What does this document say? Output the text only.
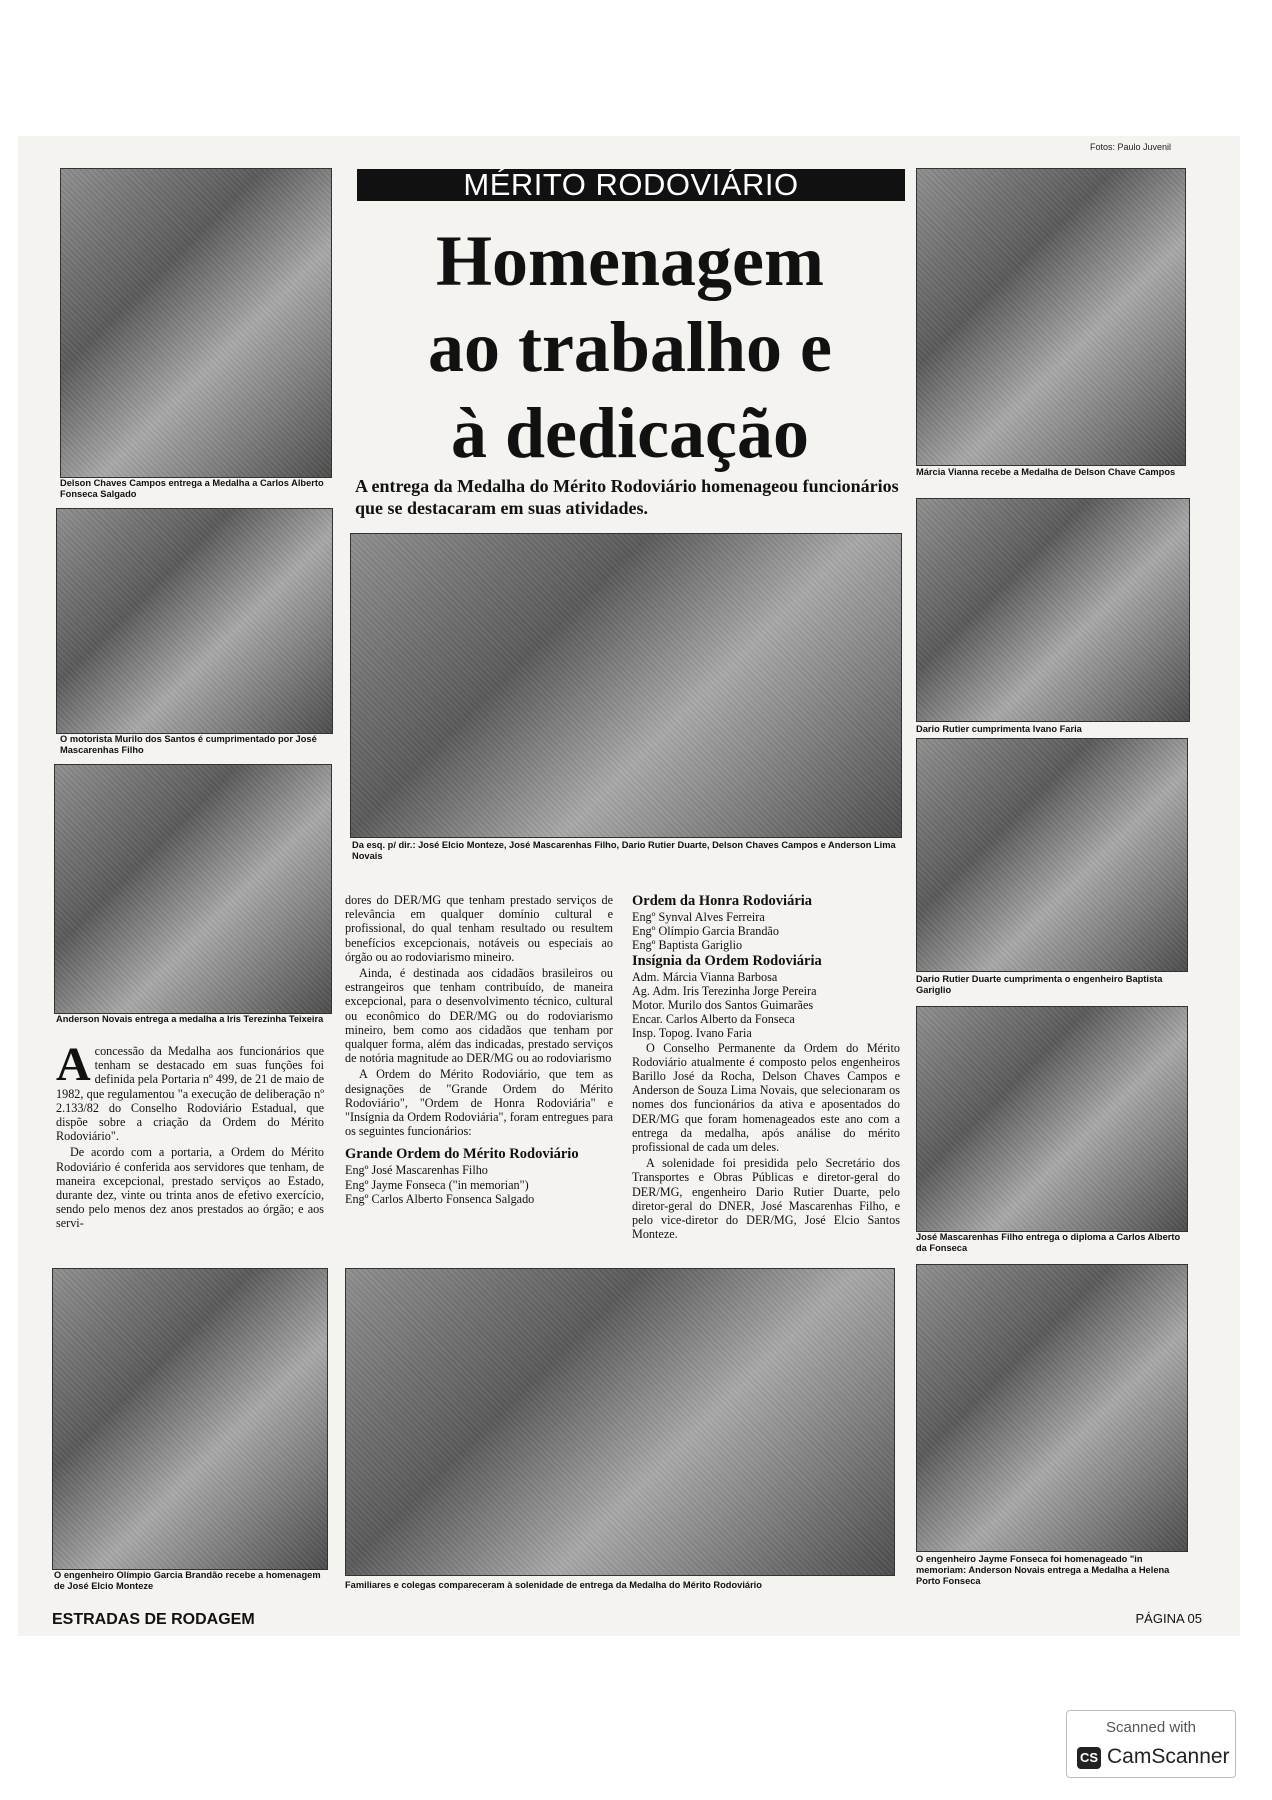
Fotos: Paulo Juvenil
Delson Chaves Campos entrega a Medalha a Carlos Alberto Fonseca Salgado
O motorista Murilo dos Santos é cumprimentado por José Mascarenhas Filho
Anderson Novais entrega a medalha a Iris Terezinha Teixeira
O engenheiro Olímpio Garcia Brandão recebe a homenagem de José Elcio Monteze
MÉRITO RODOVIÁRIO
Homenagem
ao trabalho e
à dedicação
A entrega da Medalha do Mérito Rodoviário homenageou funcionários que se destacaram em suas atividades.
Da esq. p/ dir.: José Elcio Monteze, José Mascarenhas Filho, Dario Rutier Duarte, Delson Chaves Campos e Anderson Lima Novais

Aconcessão da Medalha aos funcionários que tenham se destacado em suas funções foi definida pela Portaria nº 499, de 21 de maio de 1982, que regulamentou "a execução de deliberação nº 2.133/82 do Conselho Rodoviário Estadual, que dispõe sobre a criação da Ordem do Mérito Rodoviário".

De acordo com a portaria, a Ordem do Mérito Rodoviário é conferida aos servidores que tenham, de maneira excepcional, prestado serviços ao Estado, durante dez, vinte ou trinta anos de efetivo exercício, sendo pelo menos dez anos prestados ao órgão; e aos servi-

dores do DER/MG que tenham prestado serviços de relevância em qualquer domínio cultural e profissional, do qual tenham resultado ou resultem benefícios excepcionais, notáveis ou especiais ao órgão ou ao rodoviarismo mineiro.

Ainda, é destinada aos cidadãos brasileiros ou estrangeiros que tenham contribuído, de maneira excepcional, para o desenvolvimento técnico, cultural ou econômico do DER/MG ou do rodoviarismo mineiro, bem como aos cidadãos que tenham por qualquer forma, além das indicadas, prestado serviços de notória magnitude ao DER/MG ou ao rodoviarismo

A Ordem do Mérito Rodoviário, que tem as designações de "Grande Ordem do Mérito Rodoviário", "Ordem de Honra Rodoviária" e "Insígnia da Ordem Rodoviária", foram entregues para os seguintes funcionários:

Grande Ordem do Mérito Rodoviário

Engº José Mascarenhas Filho
Engº Jayme Fonseca ("in memorian")
Engº Carlos Alberto Fonsenca Salgado

Ordem da Honra Rodoviária

Engº Synval Alves Ferreira
Engº Olímpio Garcia Brandão
Engº Baptista Gariglio

Insígnia da Ordem Rodoviária

Adm. Márcia Vianna Barbosa
Ag. Adm. Iris Terezinha Jorge Pereira
Motor. Murilo dos Santos Guimarães
Encar. Carlos Alberto da Fonseca
Insp. Topog. Ivano Faria

O Conselho Permanente da Ordem do Mérito Rodoviário atualmente é composto pelos engenheiros Barillo José da Rocha, Delson Chaves Campos e Anderson de Souza Lima Novais, que selecionaram os nomes dos funcionários da ativa e aposentados do DER/MG que foram homenageados este ano com a entrega da medalha, após análise do mérito profissional de cada um deles.

A solenidade foi presidida pelo Secretário dos Transportes e Obras Públicas e diretor-geral do DER/MG, engenheiro Dario Rutier Duarte, pelo diretor-geral do DNER, José Mascarenhas Filho, e pelo vice-diretor do DER/MG, José Elcio Santos Monteze.

Familiares e colegas compareceram à solenidade de entrega da Medalha do Mérito Rodoviário
Márcia Vianna recebe a Medalha de Delson Chave Campos
Dario Rutier cumprimenta Ivano Faria
Dario Rutier Duarte cumprimenta o engenheiro Baptista Gariglio
José Mascarenhas Filho entrega o diploma a Carlos Alberto da Fonseca
O engenheiro Jayme Fonseca foi homenageado "in memoriam: Anderson Novais entrega a Medalha a Helena Porto Fonseca
ESTRADAS DE RODAGEM	PÁGINA 05
Scanned with
CS CamScanner
